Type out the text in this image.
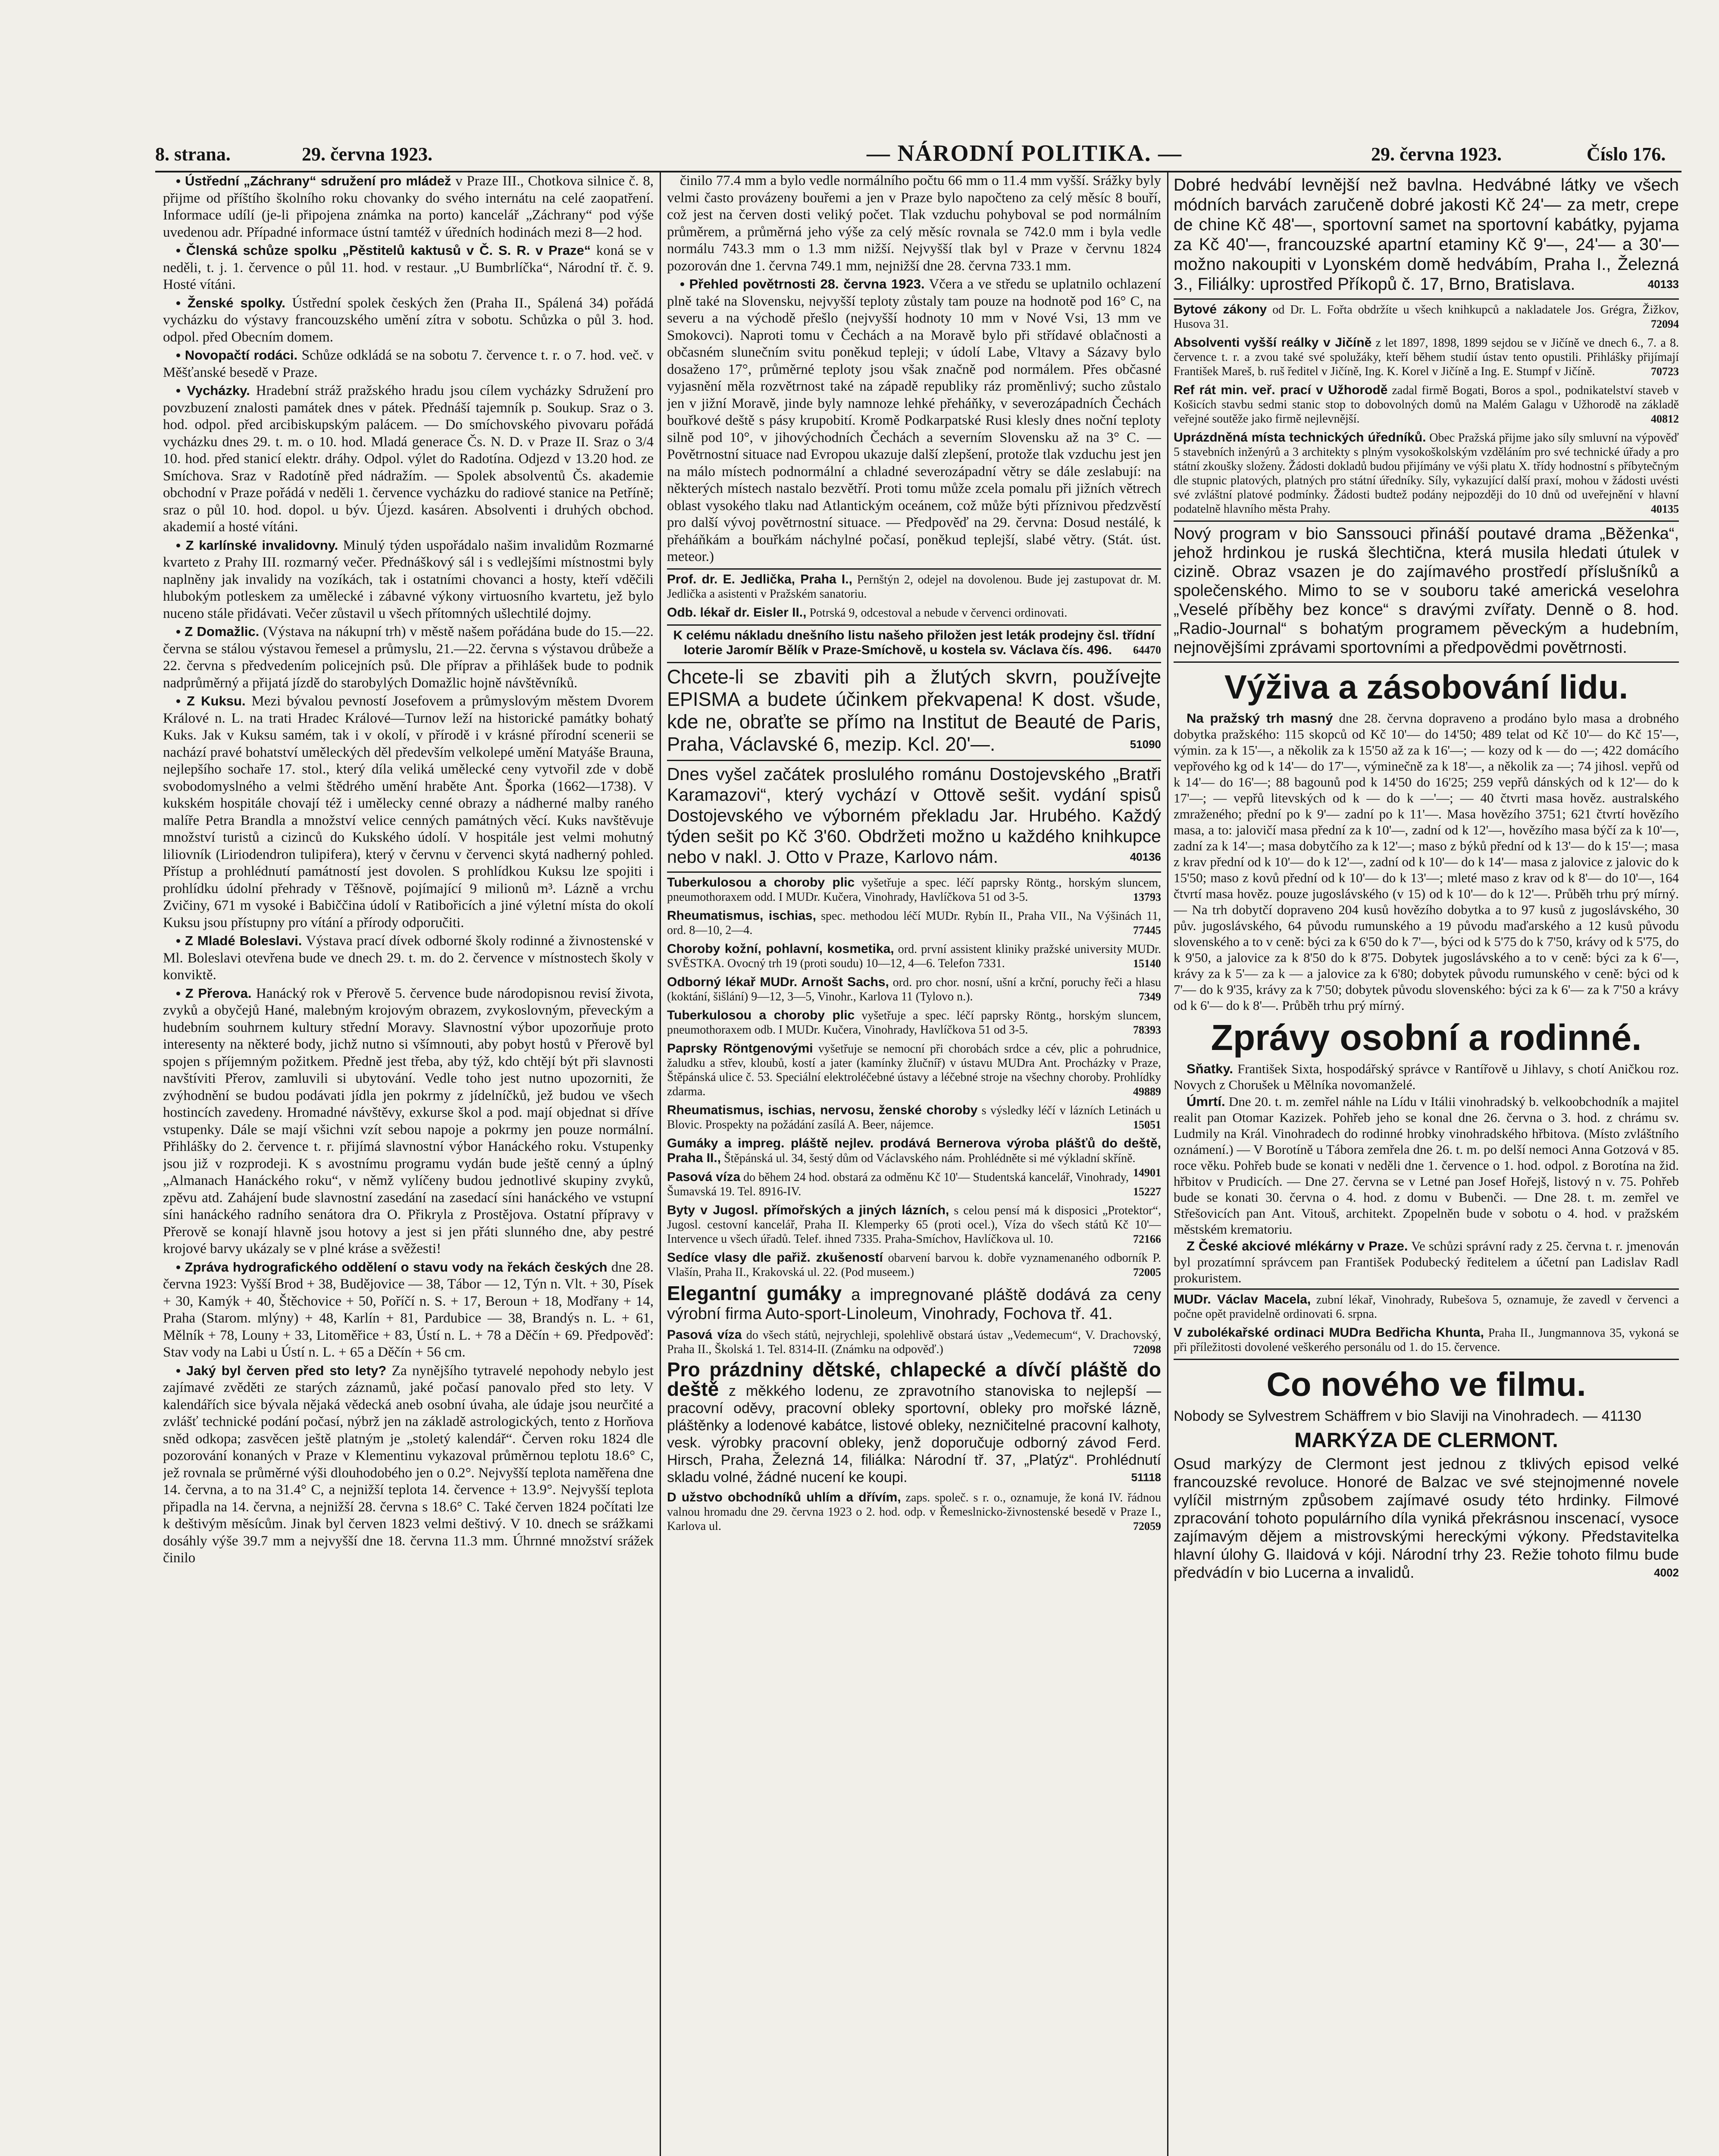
8. strana.	29. června 1923.	— NÁRODNÍ POLITIKA. —	29. června 1923.	Číslo 176.

• Ústřední „Záchrany“ sdružení pro mládež v Praze III., Chotkova silnice č. 8, přijme od příštího školního roku chovanky do svého internátu na celé zaopatření. Informace udílí (je-li připojena známka na porto) kancelář „Záchrany“ pod výše uvedenou adr. Případné informace ústní tamtéž v úředních hodinách mezi 8—2 hod.

• Členská schůze spolku „Pěstitelů kaktusů v Č. S. R. v Praze“ koná se v neděli, t. j. 1. července o půl 11. hod. v restaur. „U Bumbrlíčka“, Národní tř. č. 9. Hosté vítáni.

• Ženské spolky. Ústřední spolek českých žen (Praha II., Spálená 34) pořádá vycházku do výstavy francouzského umění zítra v sobotu. Schůzka o půl 3. hod. odpol. před Obecním domem.

• Novopačtí rodáci. Schůze odkládá se na sobotu 7. července t. r. o 7. hod. več. v Měšťanské besedě v Praze.

• Vycházky. Hradební stráž pražského hradu jsou cílem vycházky Sdružení pro povzbuzení znalosti památek dnes v pátek. Přednáší tajemník p. Soukup. Sraz o 3. hod. odpol. před arcibiskupským palácem. — Do smíchovského pivovaru pořádá vycházku dnes 29. t. m. o 10. hod. Mladá generace Čs. N. D. v Praze II. Sraz o 3/4 10. hod. před stanicí elektr. dráhy. Odpol. výlet do Radotína. Odjezd v 13.20 hod. ze Smíchova. Sraz v Radotíně před nádražím. — Spolek absolventů Čs. akademie obchodní v Praze pořádá v neděli 1. července vycházku do radiové stanice na Petříně; sraz o půl 10. hod. dopol. u býv. Újezd. kasáren. Absolventi i druhých obchod. akademií a hosté vítáni.

• Z karlínské invalidovny. Minulý týden uspořádalo našim invalidům Rozmarné kvarteto z Prahy III. rozmarný večer. Přednáškový sál i s vedlejšími místnostmi byly naplněny jak invalidy na vozíkách, tak i ostatními chovanci a hosty, kteří vděčili hlubokým potleskem za umělecké i zábavné výkony virtuosního kvartetu, jež bylo nuceno stále přidávati. Večer zůstavil u všech přítomných ušlechtilé dojmy.

• Z Domažlic. (Výstava na nákupní trh) v městě našem pořádána bude do 15.—22. června se stálou výstavou řemesel a průmyslu, 21.—22. června s výstavou drůbeže a 22. června s předvedením policejních psů. Dle příprav a přihlášek bude to podnik nadprůměrný a přijatá jízdě do starobylých Domažlic hojně návštěvníků.

• Z Kuksu. Mezi bývalou pevností Josefovem a průmyslovým městem Dvorem Králové n. L. na trati Hradec Králové—Turnov leží na historické památky bohatý Kuks. Jak v Kuksu samém, tak i v okolí, v přírodě i v krásné přírodní scenerii se nachází pravé bohatství uměleckých děl především velkolepé umění Matyáše Brauna, nejlepšího sochaře 17. stol., který díla veliká umělecké ceny vytvořil zde v době svobodomyslného a velmi štědrého umění hraběte Ant. Šporka (1662—1738). V kukském hospitále chovají též i umělecky cenné obrazy a nádherné malby raného malíře Petra Brandla a množství velice cenných památných věcí. Kuks navštěvuje množství turistů a cizinců do Kukského údolí. V hospitále jest velmi mohutný liliovník (Liriodendron tulipifera), který v červnu v červenci skytá nadherný pohled. Přístup a prohlédnutí památností jest dovolen. S prohlídkou Kuksu lze spojiti i prohlídku údolní přehrady v Těšnově, pojímající 9 milionů m³. Lázně a vrchu Zvičiny, 671 m vysoké i Babiččina údolí v Ratibořicích a jiné výletní místa do okolí Kuksu jsou přístupny pro vítání a přírody odporučiti.

• Z Mladé Boleslavi. Výstava prací dívek odborné školy rodinné a živnostenské v Ml. Boleslavi otevřena bude ve dnech 29. t. m. do 2. července v místnostech školy v konviktě.

• Z Přerova. Hanácký rok v Přerově 5. července bude národopisnou revisí života, zvyků a obyčejů Hané, malebným krojovým obrazem, zvykoslovným, převeckým a hudebním souhrnem kultury střední Moravy. Slavnostní výbor upozorňuje proto interesenty na některé body, jichž nutno si všímnouti, aby pobyt hostů v Přerově byl spojen s příjemným požitkem. Předně jest třeba, aby týž, kdo chtějí být při slavnosti navštíviti Přerov, zamluvili si ubytování. Vedle toho jest nutno upozorniti, že zvýhodnění se budou podávati jídla jen pokrmy z jídelníčků, jež budou ve všech hostincích zavedeny. Hromadné návštěvy, exkurse škol a pod. mají objednat si dříve vstupenky. Dále se mají všichni vzít sebou napoje a pokrmy jen pouze normální. Přihlášky do 2. července t. r. přijímá slavnostní výbor Hanáckého roku. Vstupenky jsou již v rozprodeji. K s avostnímu programu vydán bude ještě cenný a úplný „Almanach Hanáckého roku“, v němž vylíčeny budou jednotlivé skupiny zvyků, zpěvu atd. Zahájení bude slavnostní zasedání na zasedací síni hanáckého ve vstupní síni hanáckého radního senátora dra O. Přikryla z Prostějova. Ostatní přípravy v Přerově se konají hlavně jsou hotovy a jest si jen přáti slunného dne, aby pestré krojové barvy ukázaly se v plné kráse a svěžesti!

• Zpráva hydrografického oddělení o stavu vody na řekách českých dne 28. června 1923: Vyšší Brod + 38, Budějovice — 38, Tábor — 12, Týn n. Vlt. + 30, Písek + 30, Kamýk + 40, Štěchovice + 50, Poříčí n. S. + 17, Beroun + 18, Modřany + 14, Praha (Starom. mlýny) + 48, Karlín + 81, Pardubice — 38, Brandýs n. L. + 61, Mělník + 78, Louny + 33, Litoměřice + 83, Ústí n. L. + 78 a Děčín + 69. Předpověď: Stav vody na Labi u Ústí n. L. + 65 a Děčín + 56 cm.

• Jaký byl červen před sto lety? Za nynějšího tytravelé nepohody nebylo jest zajímavé zvěděti ze starých záznamů, jaké počasí panovalo před sto lety. V kalendářích sice bývala nějaká vědecká aneb osobní úvaha, ale údaje jsou neurčité a zvlášť technické podání počasí, nýbrž jen na základě astrologických, tento z Horňova sněd odkopa; zasvěcen ještě platným je „stoletý kalendář“. Červen roku 1824 dle pozorování konaných v Praze v Klementinu vykazoval průměrnou teplotu 18.6° C, jež rovnala se průměrné výši dlouhodobého jen o 0.2°. Nejvyšší teplota naměřena dne 14. června, a to na 31.4° C, a nejnižší teplota 14. července + 13.9°. Nejvyšší teplota připadla na 14. června, a nejnižší 28. června s 18.6° C. Také červen 1824 počítati lze k deštivým měsícům. Jinak byl červen 1823 velmi deštivý. V 10. dnech se srážkami dosáhly výše 39.7 mm a nejvyšší dne 18. června 11.3 mm. Úhrnné množství srážek činilo

činilo 77.4 mm a bylo vedle normálního počtu 66 mm o 11.4 mm vyšší. Srážky byly velmi často provázeny bouřemi a jen v Praze bylo napočteno za celý měsíc 8 bouří, což jest na červen dosti veliký počet. Tlak vzduchu pohyboval se pod normálním průměrem, a průměrná jeho výše za celý měsíc rovnala se 742.0 mm i byla vedle normálu 743.3 mm o 1.3 mm nižší. Nejvyšší tlak byl v Praze v červnu 1824 pozorován dne 1. června 749.1 mm, nejnižší dne 28. června 733.1 mm.

• Přehled povětrnosti 28. června 1923. Včera a ve středu se uplatnilo ochlazení plně také na Slovensku, nejvyšší teploty zůstaly tam pouze na hodnotě pod 16° C, na severu a na východě přešlo (nejvyšší hodnoty 10 mm v Nové Vsi, 13 mm ve Smokovci). Naproti tomu v Čechách a na Moravě bylo při střídavé oblačnosti a občasném slunečním svitu poněkud tepleji; v údolí Labe, Vltavy a Sázavy bylo dosaženo 17°, průměrné teploty jsou však značně pod normálem. Přes občasné vyjasnění měla rozvětrnost také na západě republiky ráz proměnlivý; sucho zůstalo jen v jižní Moravě, jinde byly namnoze lehké přeháňky, v severozápadních Čechách bouřkové deště s pásy krupobití. Kromě Podkarpatské Rusi klesly dnes noční teploty silně pod 10°, v jihovýchodních Čechách a severním Slovensku až na 3° C. — Povětrnostní situace nad Evropou ukazuje další zlepšení, protože tlak vzduchu jest jen na málo místech podnormální a chladné severozápadní větry se dále zeslabují: na některých místech nastalo bezvětří. Proti tomu může zcela pomalu při jižních větrech oblast vysokého tlaku nad Atlantickým oceánem, což může býti příznivou předzvěstí pro další vývoj povětrnostní situace. — Předpověď na 29. června: Dosud nestálé, k přeháňkám a bouřkám náchylné počasí, poněkud teplejší, slabé větry. (Stát. úst. meteor.)

Prof. dr. E. Jedlička, Praha I., Pernštýn 2, odejel na dovolenou. Bude jej zastupovat dr. M. Jedlička a asistenti v Pražském sanatoriu.
Odb. lékař dr. Eisler II., Potrská 9, odcestoval a nebude v červenci ordinovati.
K celému nákladu dnešního listu našeho přiložen jest leták prodejny čsl. třídní loterie Jaromír Bělík v Praze-Smíchově, u kostela sv. Václava čís. 496. 64470
Chcete-li se zbaviti pih a žlutých skvrn, používejte EPISMA a budete účinkem překvapena! K dost. všude, kde ne, obraťte se přímo na Institut de Beauté de Paris, Praha, Václavské 6, mezip. Kcl. 20'—.	51090
Dnes vyšel začátek proslulého románu Dostojevského „Bratři Karamazovi“, který vychází v Ottově sešit. vydání spisů Dostojevského ve výborném překladu Jar. Hrubého. Každý týden sešit po Kč 3'60. Obdržeti možno u každého knihkupce nebo v nakl. J. Otto v Praze, Karlovo nám.	40136
Tuberkulosou a choroby plic vyšetřuje a spec. léčí paprsky Röntg., horským sluncem, pneumothoraxem odd. I MUDr. Kučera, Vinohrady, Havlíčkova 51 od 3-5.	13793
Rheumatismus, ischias, spec. methodou léčí MUDr. Rybín II., Praha VII., Na Výšinách 11, ord. 8—10, 2—4.	77445
Choroby kožní, pohlavní, kosmetika, ord. první assistent kliniky pražské university MUDr. SVĚSTKA. Ovocný trh 19 (proti soudu) 10—12, 4—6. Telefon 7331.	15140
Odborný lékař MUDr. Arnošt Sachs, ord. pro chor. nosní, ušní a krční, poruchy řeči a hlasu (koktání, šišlání) 9—12, 3—5, Vinohr., Karlova 11 (Tylovo n.).	7349
Tuberkulosou a choroby plic vyšetřuje a spec. léčí paprsky Röntg., horským sluncem, pneumothoraxem odb. I MUDr. Kučera, Vinohrady, Havlíčkova 51 od 3-5.	78393
Paprsky Röntgenovými vyšetřuje se nemocní při chorobách srdce a cév, plic a pohrudnice, žaludku a střev, kloubů, kostí a jater (kamínky žlučníř) v ústavu MUDra Ant. Procházky v Praze, Štěpánská ulice č. 53. Speciální elektroléčebné ústavy a léčebné stroje na všechny choroby. Prohlídky zdarma.	49889
Rheumatismus, ischias, nervosu, ženské choroby s výsledky léčí v lázních Letinách u Blovic. Prospekty na požádání zasílá A. Beer, nájemce.	15051
Gumáky a impreg. pláště nejlev. prodává Bernerova výroba plášťů do deště, Praha II., Štěpánská ul. 34, šestý dům od Václavského nám. Prohlédněte si mé výkladní skříně.
14901
Pasová víza do během 24 hod. obstará za odměnu Kč 10'— Studentská kancelář, Vinohrady, Šumavská 19. Tel. 8916-IV.	15227
Byty v Jugosl. přímořských a jiných lázních, s celou pensí má k disposici „Protektor“, Jugosl. cestovní kancelář, Praha II. Klemperky 65 (proti ocel.), Víza do všech států Kč 10'— Intervence u všech úřadů. Telef. ihned 7335. Praha-Smíchov, Havlíčkova ul. 10.	72166
Sedíce vlasy dle pařiž. zkušeností obarvení barvou k. dobře vyznamenaného odborník P. Vlašín, Praha II., Krakovská ul. 22. (Pod museem.)	72005
Elegantní gumáky a impregnované pláště dodává za ceny výrobní firma Auto-sport-Linoleum, Vinohrady, Fochova tř. 41.
Pasová víza do všech států, nejrychleji, spolehlivě obstará ústav „Vedemecum“, V. Drachovský, Praha II., Školská 1. Tel. 8314-II. (Známku na odpověď.)	72098
Pro prázdniny dětské, chlapecké a dívčí pláště do deště z měkkého lodenu, ze zpravotního stanoviska to nejlepší — pracovní oděvy, pracovní obleky sportovní, obleky pro mořské lázně, pláštěnky a lodenové kabátce, listové obleky, nezničitelné pracovní kalhoty, vesk. výrobky pracovní obleky, jenž doporučuje odborný závod Ferd. Hirsch, Praha, Železná 14, filiálka: Národní tř. 37, „Platýz“. Prohlédnutí skladu volné, žádné nucení ke koupi.	51118
D užstvo obchodníků uhlím a dřívím, zaps. společ. s r. o., oznamuje, že koná IV. řádnou valnou hromadu dne 29. června 1923 o 2. hod. odp. v Řemeslnicko-živnostenské besedě v Praze I., Karlova ul.	72059
Dobré hedvábí levnější než bavlna. Hedvábné látky ve všech módních barvách zaručeně dobré jakosti Kč 24'— za metr, crepe de chine Kč 48'—, sportovní samet na sportovní kabátky, pyjama za Kč 40'—, francouzské apartní etaminy Kč 9'—, 24'— a 30'— možno nakoupiti v Lyonském domě hedvábím, Praha I., Železná 3., Filiálky: uprostřed Příkopů č. 17, Brno, Bratislava.	40133
Bytové zákony od Dr. L. Fořta obdržíte u všech knihkupců a nakladatele Jos. Grégra, Žižkov, Husova 31.	72094
Absolventi vyšší reálky v Jičíně z let 1897, 1898, 1899 sejdou se v Jičíně ve dnech 6., 7. a 8. července t. r. a zvou také své spolužáky, kteří během studií ústav tento opustili. Přihlášky přijímají František Mareš, b. ruš ředitel v Jičíně, Ing. K. Korel v Jičíně a Ing. E. Stumpf v Jičíně.	70723
Ref rát min. veř. prací v Užhorodě zadal firmě Bogati, Boros a spol., podnikatelství staveb v Košicích stavbu sedmi stanic stop to dobovolných domů na Malém Galagu v Užhorodě na základě veřejné soutěže jako firmě nejlevnější.	40812
Uprázdněná místa technických úředníků. Obec Pražská přijme jako síly smluvní na výpověď 5 stavebních inženýrů a 3 architekty s plným vysokoškolským vzděláním pro své technické úřady a pro státní zkoušky složeny. Žádosti dokladů budou přijímány ve výši platu X. třídy hodnostní s příbytečným dle stupnic platových, platných pro státní úředníky. Síly, vykazující další praxí, mohou v žádosti uvésti své zvláštní platové podmínky. Žádosti budtež podány nejpozději do 10 dnů od uveřejnění v hlavní podatelně hlavního města Prahy.	40135
Nový program v bio Sanssouci přináší poutavé drama „Běženka“, jehož hrdinkou je ruská šlechtična, která musila hledati útulek v cizině. Obraz vsazen je do zajímavého prostředí příslušníků a společenského. Mimo to se v souboru také americká veselohra „Veselé příběhy bez konce“ s dravými zvířaty. Denně o 8. hod. „Radio-Journal“ s bohatým programem pěveckým a hudebním, nejnovějšími zprávami sportovními a předpovědmi povětrnosti.
Výživa a zásobování lidu.

Na pražský trh masný dne 28. června dopraveno a prodáno bylo masa a drobného dobytka pražského: 115 skopců od Kč 10'— do 14'50; 489 telat od Kč 10'— do Kč 15'—, výmin. za k 15'—, a několik za k 15'50 až za k 16'—; — kozy od k — do —; 422 domácího vepřového kg od k 14'— do 17'—, výminečně za k 18'—, a několik za —; 74 jihosl. vepřů od k 14'— do 16'—; 88 bagounů pod k 14'50 do 16'25; 259 vepřů dánských od k 12'— do k 17'—; — vepřů litevských od k — do k —'—; — 40 čtvrti masa hověz. australského zmraženého; přední po k 9'— zadní po k 11'—. Masa hovězího 3751; 621 čtvrtí hovězího masa, a to: jalovičí masa přední za k 10'—, zadní od k 12'—, hovězího masa býčí za k 10'—, zadní za k 14'—; masa dobytčího za k 12'—; maso z býků přední od k 13'— do k 15'—; masa z krav přední od k 10'— do k 12'—, zadní od k 10'— do k 14'— masa z jalovice z jalovic do k 15'50; maso z kovů přední od k 10'— do k 13'—; mleté maso z krav od k 8'— do 10'—, 164 čtvrtí masa hověz. pouze jugoslávského (v 15) od k 10'— do k 12'—. Průběh trhu prý mírný. — Na trh dobytčí dopraveno 204 kusů hovězího dobytka a to 97 kusů z jugoslávského, 30 pův. jugoslávského, 64 původu rumunského a 19 původu maďarského a 12 kusů původu slovenského a to v ceně: býci za k 6'50 do k 7'—, býci od k 5'75 do k 7'50, krávy od k 5'75, do k 9'50, a jalovice za k 8'50 do k 8'75. Dobytek jugoslávského a to v ceně: býci za k 6'—, krávy za k 5'— za k — a jalovice za k 6'80; dobytek původu rumunského v ceně: býci od k 7'— do k 9'35, krávy za k 7'50; dobytek původu slovenského: býci za k 6'— za k 7'50 a krávy od k 6'— do k 8'—. Průběh trhu prý mírný.

Zprávy osobní a rodinné.

Sňatky. František Sixta, hospodářský správce v Rantířově u Jihlavy, s chotí Aničkou roz. Novych z Chorušek u Mělníka novomanželé.

Úmrtí. Dne 20. t. m. zemřel náhle na Lídu v Itálii vinohradský b. velkoobchodník a majitel realit pan Otomar Kazizek. Pohřeb jeho se konal dne 26. června o 3. hod. z chrámu sv. Ludmily na Král. Vinohradech do rodinné hrobky vinohradského hřbitova. (Místo zvláštního oznámení.) — V Borotíně u Tábora zemřela dne 26. t. m. po delší nemoci Anna Gotzová v 85. roce věku. Pohřeb bude se konati v neděli dne 1. července o 1. hod. odpol. z Borotína na žid. hřbitov v Prudicích. — Dne 27. června se v Letné pan Josef Hořejš, listový n v. 75. Pohřeb bude se konati 30. června o 4. hod. z domu v Bubenči. — Dne 28. t. m. zemřel ve Střešovicích pan Ant. Vitouš, architekt. Zpopelněn bude v sobotu o 4. hod. v pražském městském krematoriu.

Z České akciové mlékárny v Praze. Ve schůzi správní rady z 25. června t. r. jmenován byl prozatímní správcem pan František Podubecký ředitelem a účetní pan Ladislav Radl prokuristem.

MUDr. Václav Macela, zubní lékař, Vinohrady, Rubešova 5, oznamuje, že zavedl v červenci a počne opět pravidelně ordinovati 6. srpna.
V zubolékařské ordinaci MUDra Bedřicha Khunta, Praha II., Jungmannova 35, vykoná se při příležitosti dovolené veškerého personálu od 1. do 15. července.
Co nového ve filmu.
Nobody se Sylvestrem Schäffrem v bio Slaviji na Vinohradech. — 41130
MARKÝZA DE CLERMONT.
Osud markýzy de Clermont jest jednou z tklivých episod velké francouzské revoluce. Honoré de Balzac ve své stejnojmenné novele vylíčil mistrným způsobem zajímavé osudy této hrdinky. Filmové zpracování tohoto populárního díla vyniká překrásnou inscenací, vysoce zajímavým dějem a mistrovskými hereckými výkony. Představitelka hlavní úlohy G. Ilaidová v kóji. Národní trhy 23. Režie tohoto filmu bude předvádín v bio Lucerna a invalidů.	4002
